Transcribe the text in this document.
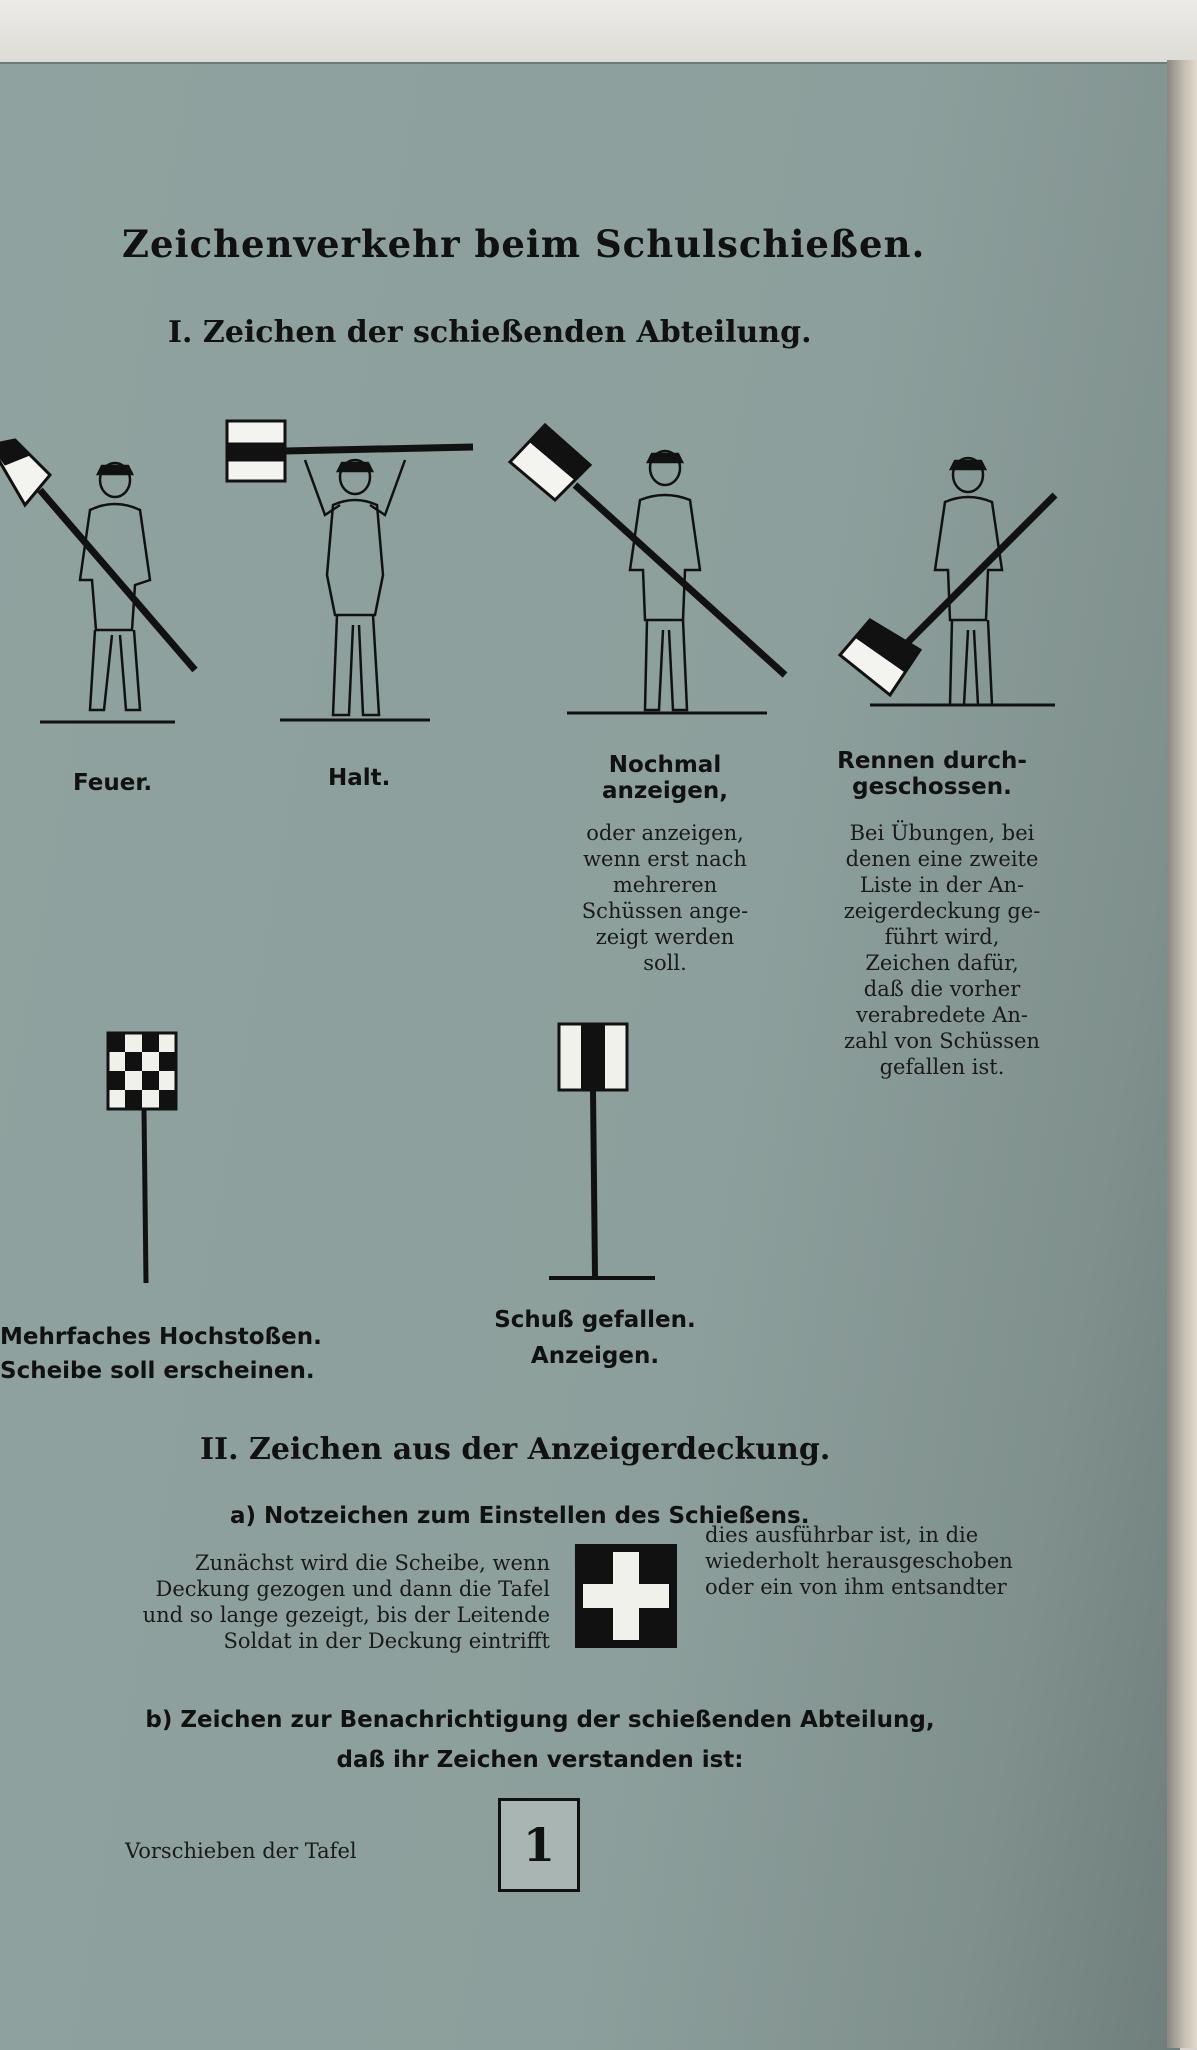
Zeichenverkehr beim Schulschießen.
I. Zeichen der schießenden Abteilung.
Feuer.	Halt.	Nochmal
anzeigen,
oder anzeigen,
wenn erst nach
mehreren
Schüssen ange-
zeigt werden
soll.
Rennen durch-
geschossen.
Bei Übungen, bei
denen eine zweite
Liste in der An-
zeigerdeckung ge-
führt wird,
Zeichen dafür,
daß die vorher
verabredete An-
zahl von Schüssen
gefallen ist.
Mehrfaches Hochstoßen.
Scheibe soll erscheinen.
Schuß gefallen.
Anzeigen.
II. Zeichen aus der Anzeigerdeckung.
a) Notzeichen zum Einstellen des Schießens.
Zunächst wird die Scheibe, wenn
Deckung gezogen und dann die Tafel
und so lange gezeigt, bis der Leitende
Soldat in der Deckung eintrifft
dies ausführbar ist, in die
wiederholt herausgeschoben
oder ein von ihm entsandter
b) Zeichen zur Benachrichtigung der schießenden Abteilung,
daß ihr Zeichen verstanden ist:
Vorschieben der Tafel	1
